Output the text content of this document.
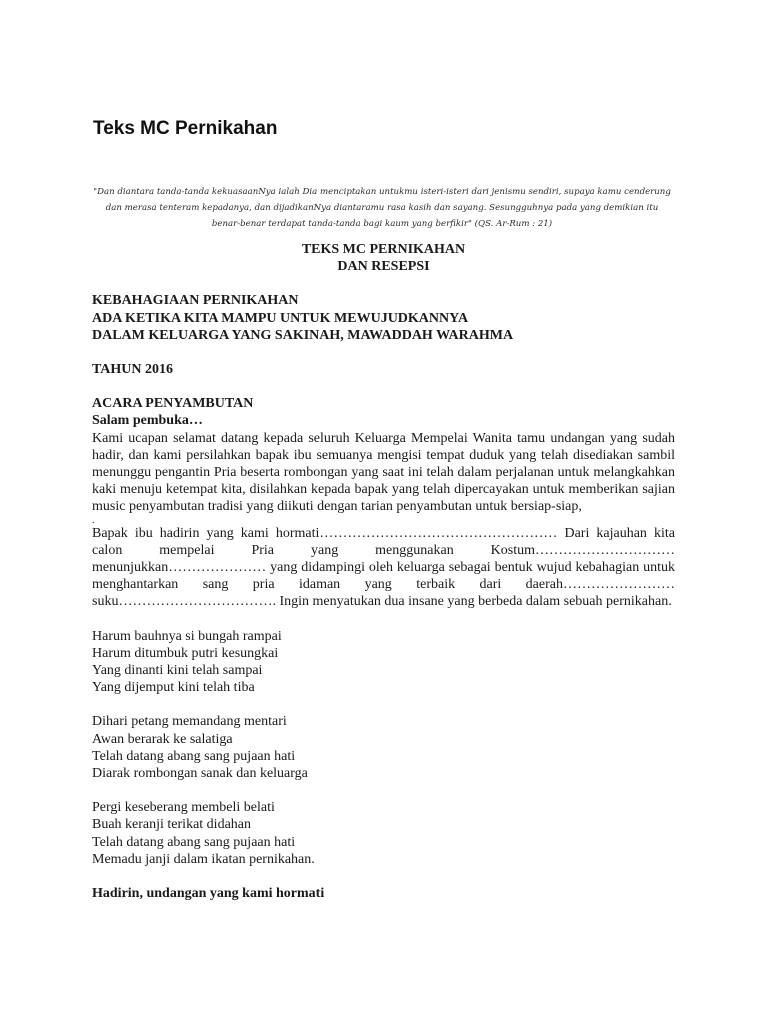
Teks MC Pernikahan

"Dan diantara tanda-tanda kekuasaanNya ialah Dia menciptakan untukmu isteri-isteri dari jenismu sendiri, supaya kamu cenderung dan merasa tenteram kepadanya, dan dijadikanNya diantaramu rasa kasih dan sayang. Sesungguhnya pada yang demikian itu benar-benar terdapat tanda-tanda bagi kaum yang berfikir" (QS. Ar-Rum : 21)

TEKS MC PERNIKAHAN

DAN RESEPSI

KEBAHAGIAAN PERNIKAHAN

ADA KETIKA KITA MAMPU UNTUK MEWUJUDKANNYA

DALAM KELUARGA YANG SAKINAH, MAWADDAH WARAHMA

TAHUN 2016

ACARA PENYAMBUTAN

Salam pembuka…

Kami ucapan selamat datang kepada seluruh Keluarga Mempelai Wanita tamu undangan yang sudah hadir, dan kami persilahkan bapak ibu semuanya mengisi tempat duduk yang telah disediakan sambil menunggu pengantin Pria beserta rombongan yang saat ini telah dalam perjalanan untuk melangkahkan kaki menuju ketempat kita, disilahkan kepada bapak yang telah dipercayakan untuk memberikan sajian music penyambutan tradisi yang diikuti dengan tarian penyambutan untuk bersiap-siap,

.

Bapak ibu hadirin yang kami hormati…………………………………………… Dari kajauhan kita calon mempelai Pria yang menggunakan Kostum………………………… menunjukkan………………… yang didampingi oleh keluarga sebagai bentuk wujud kebahagian untuk menghantarkan sang pria idaman yang terbaik dari daerah…………………… suku……………………………. Ingin menyatukan dua insane yang berbeda dalam sebuah pernikahan.

Harum bauhnya si bungah rampai

Harum ditumbuk putri kesungkai

Yang dinanti kini telah sampai

Yang dijemput kini telah tiba

Dihari petang memandang mentari

Awan berarak ke salatiga

Telah datang abang sang pujaan hati

Diarak rombongan sanak dan keluarga

Pergi keseberang membeli belati

Buah keranji terikat didahan

Telah datang abang sang pujaan hati

Memadu janji dalam ikatan pernikahan.

Hadirin, undangan yang kami hormati
